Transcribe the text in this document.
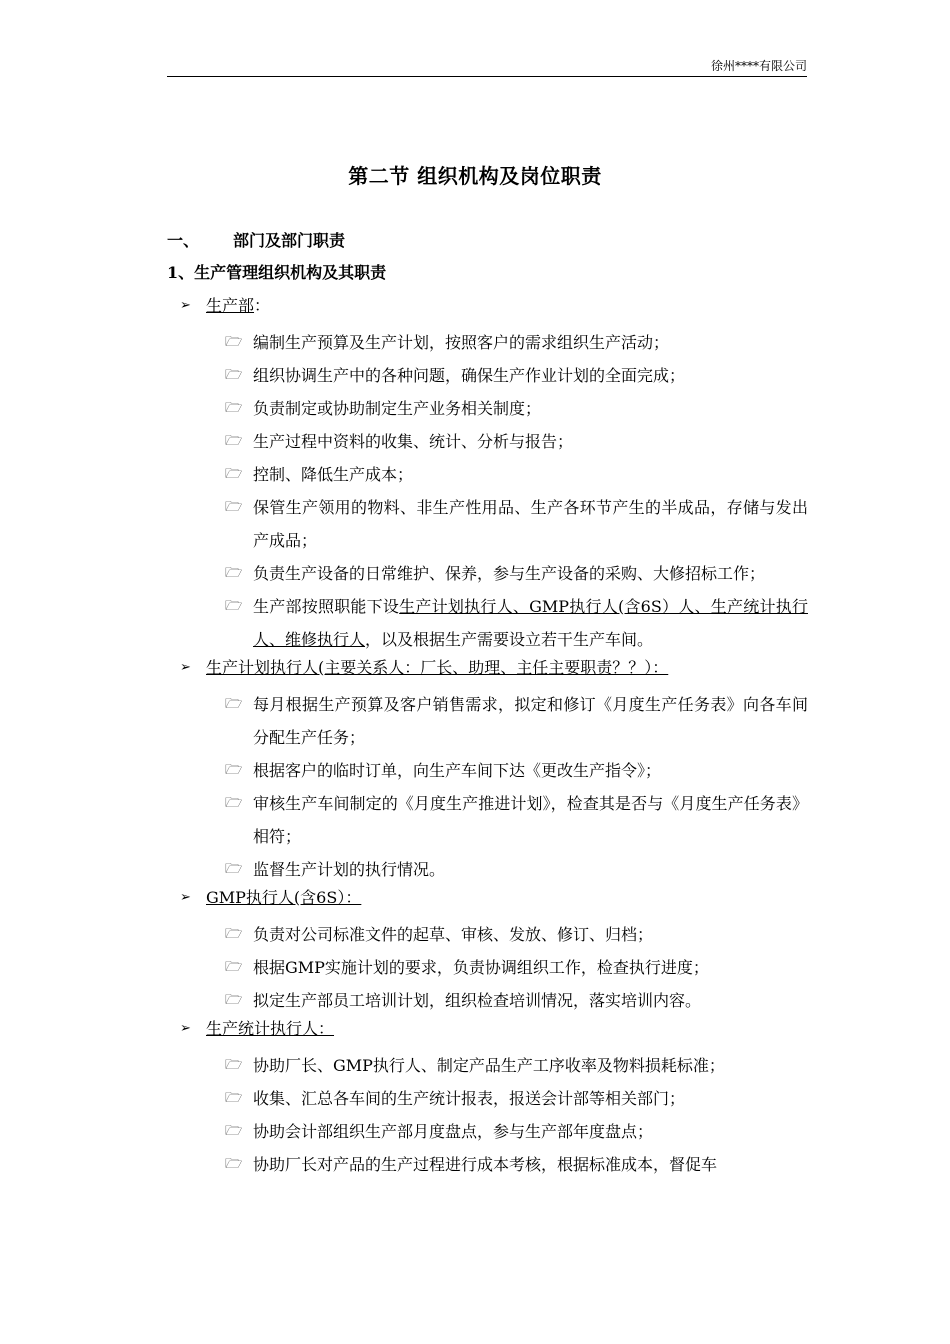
徐州****有限公司
第二节 组织机构及岗位职责
一、 部门及部门职责
1、生产管理组织机构及其职责
➢ 生产部：
🗁 编制生产预算及生产计划，按照客户的需求组织生产活动；
🗁 组织协调生产中的各种问题，确保生产作业计划的全面完成；
🗁 负责制定或协助制定生产业务相关制度；
🗁 生产过程中资料的收集、统计、分析与报告；
🗁 控制、降低生产成本；
🗁 保管生产领用的物料、非生产性用品、生产各环节产生的半成品，存储与发出产成品；
🗁 负责生产设备的日常维护、保养，参与生产设备的采购、大修招标工作；
🗁 生产部按照职能下设生产计划执行人、GMP执行人(含6S）人、生产统计执行人、维修执行人，以及根据生产需要设立若干生产车间。
➢ 生产计划执行人(主要关系人：厂长、助理、主任主要职责？？）：
🗁 每月根据生产预算及客户销售需求，拟定和修订《月度生产任务表》向各车间分配生产任务；
🗁 根据客户的临时订单，向生产车间下达《更改生产指令》；
🗁 审核生产车间制定的《月度生产推进计划》，检查其是否与《月度生产任务表》相符；
🗁 监督生产计划的执行情况。
➢ GMP执行人(含6S）：
🗁 负责对公司标准文件的起草、审核、发放、修订、归档；
🗁 根据GMP实施计划的要求，负责协调组织工作，检查执行进度；
🗁 拟定生产部员工培训计划，组织检查培训情况，落实培训内容。
➢ 生产统计执行人：
🗁 协助厂长、GMP执行人、制定产品生产工序收率及物料损耗标准；
🗁 收集、汇总各车间的生产统计报表，报送会计部等相关部门；
🗁 协助会计部组织生产部月度盘点，参与生产部年度盘点；
🗁 协助厂长对产品的生产过程进行成本考核，根据标准成本，督促车
